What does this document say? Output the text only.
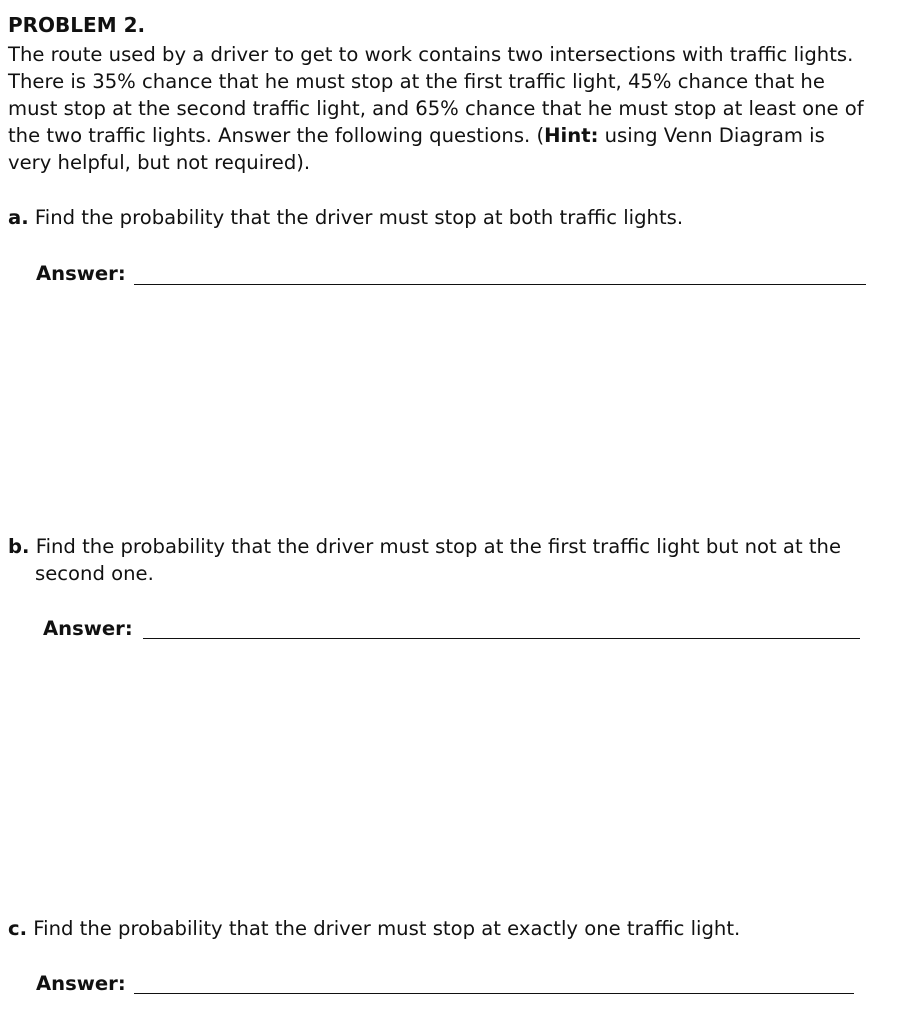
PROBLEM 2.
The route used by a driver to get to work contains two intersections with traffic lights.
There is 35% chance that he must stop at the first traffic light, 45% chance that he
must stop at the second traffic light, and 65% chance that he must stop at least one of
the two traffic lights. Answer the following questions. (Hint: using Venn Diagram is
very helpful, but not required).
a. Find the probability that the driver must stop at both traffic lights.
Answer:
b. Find the probability that the driver must stop at the first traffic light but not at the
second one.
Answer:
c. Find the probability that the driver must stop at exactly one traffic light.
Answer:
